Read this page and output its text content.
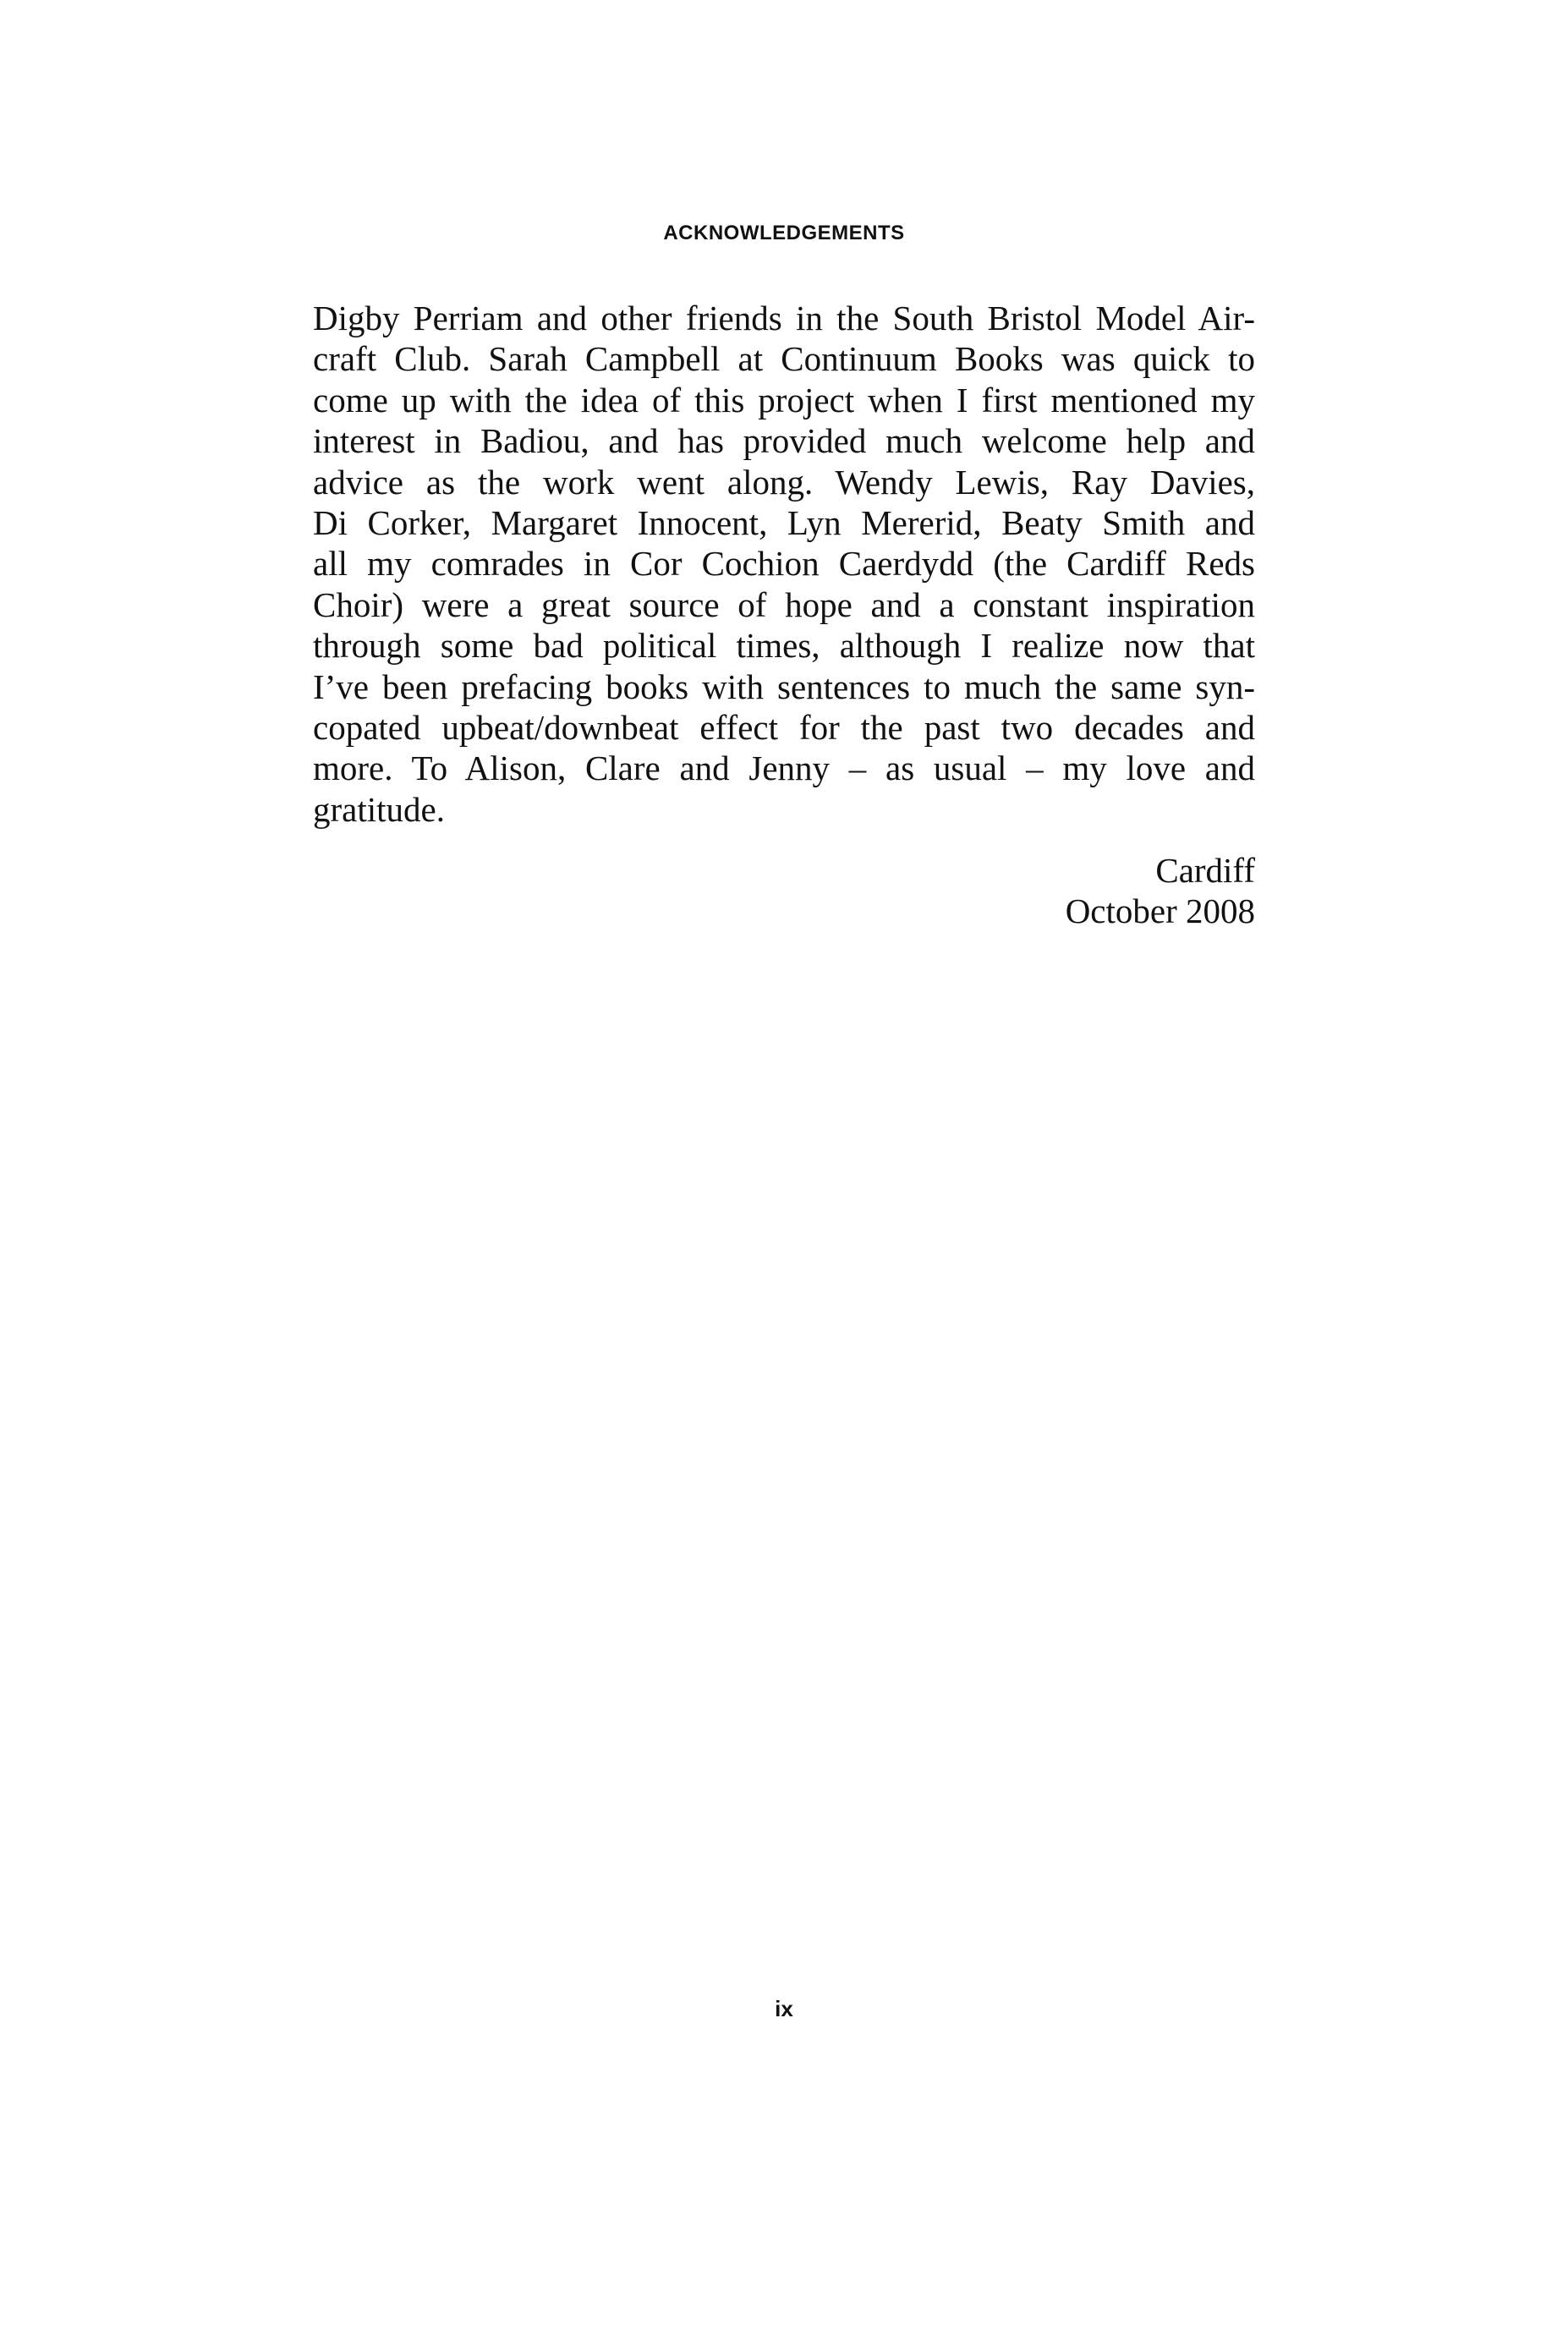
ACKNOWLEDGEMENTS
Digby Perriam and other friends in the South Bristol Model Air-
craft Club. Sarah Campbell at Continuum Books was quick to
come up with the idea of this project when I first mentioned my
interest in Badiou, and has provided much welcome help and
advice as the work went along. Wendy Lewis, Ray Davies,
Di Corker, Margaret Innocent, Lyn Mererid, Beaty Smith and
all my comrades in Cor Cochion Caerdydd (the Cardiff Reds
Choir) were a great source of hope and a constant inspiration
through some bad political times, although I realize now that
I’ve been prefacing books with sentences to much the same syn-
copated upbeat/downbeat effect for the past two decades and
more. To Alison, Clare and Jenny – as usual – my love and
gratitude.
Cardiff
October 2008
ix
